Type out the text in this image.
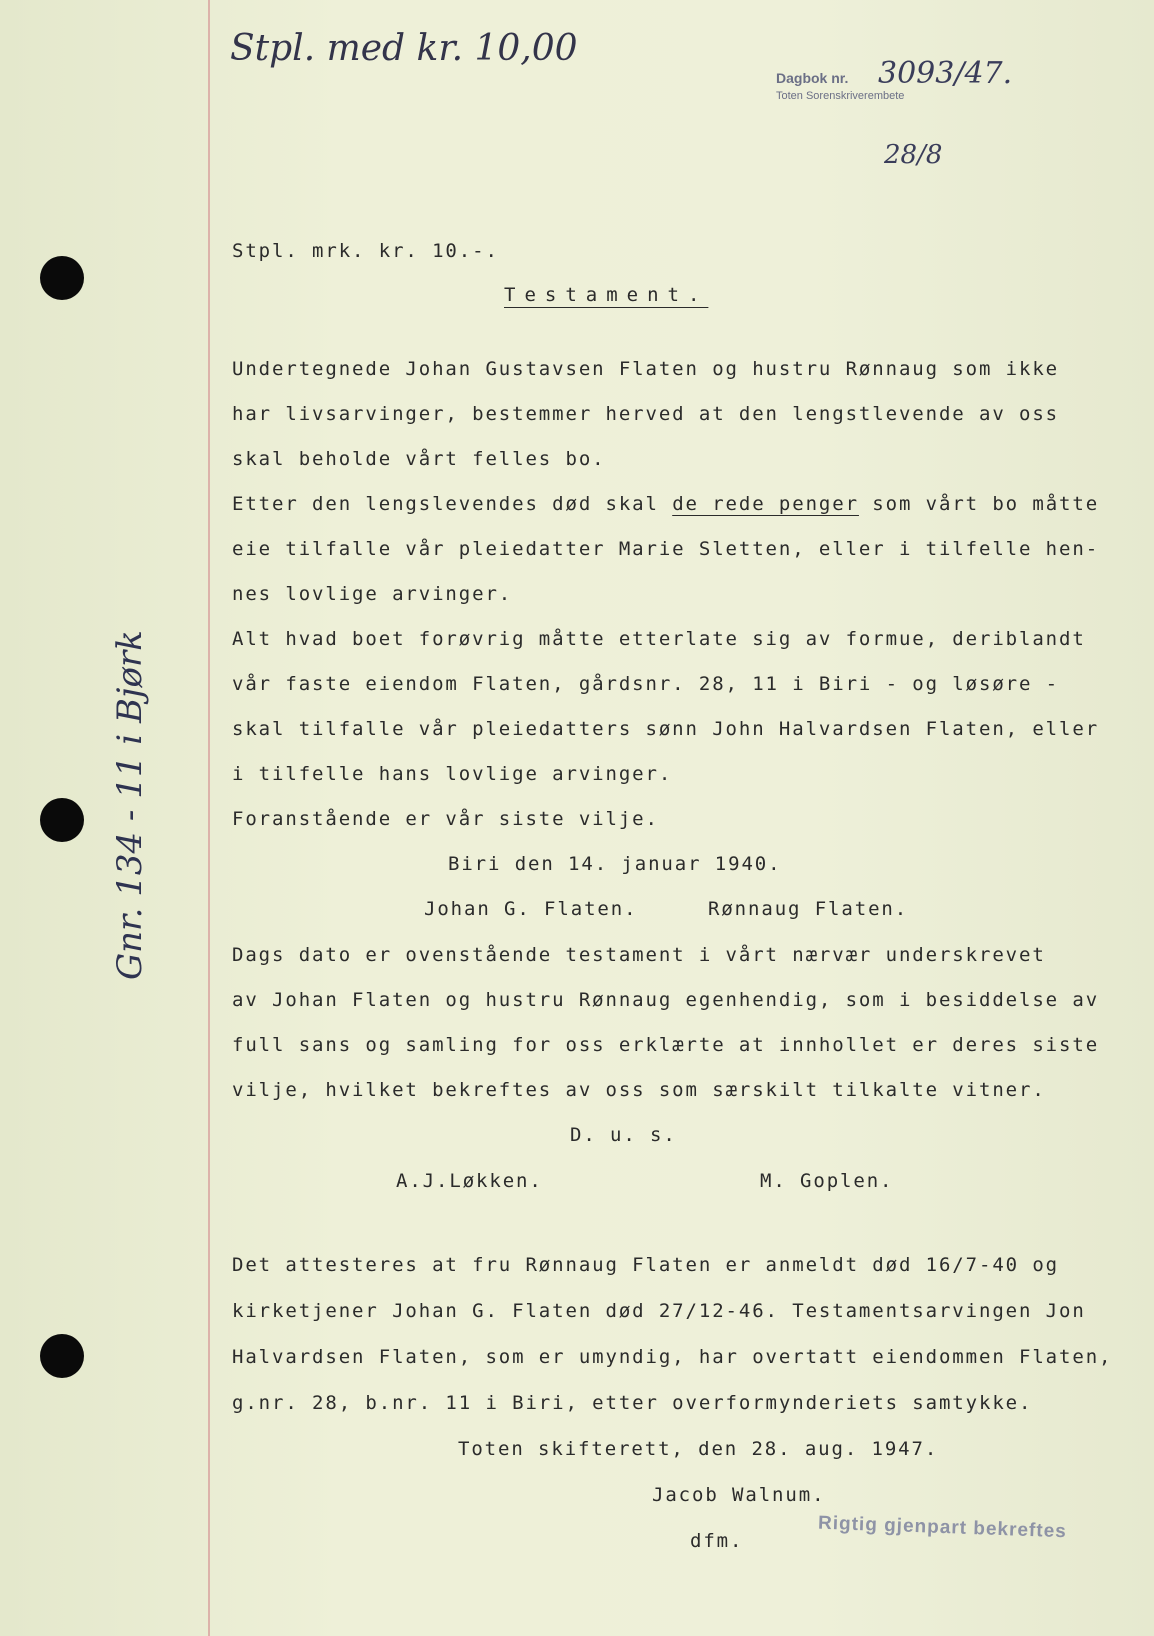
Stpl. med kr. 10,00
Dagbok nr.
Toten Sorenskriverembete
3093/47.
28/8
Gnr. 134 - 11 i Bjørk
Stpl. mrk. kr. 10.-.
Testament.
Undertegnede Johan Gustavsen Flaten og hustru Rønnaug som ikke
har livsarvinger, bestemmer herved at den lengstlevende av oss
skal beholde vårt felles bo.
Etter den lengslevendes død skal de rede penger som vårt bo måtte
eie tilfalle vår pleiedatter Marie Sletten, eller i tilfelle hen-
nes lovlige arvinger.
Alt hvad boet forøvrig måtte etterlate sig av formue, deriblandt
vår faste eiendom Flaten, gårdsnr. 28, 11 i Biri - og løsøre -
skal tilfalle vår pleiedatters sønn John Halvardsen Flaten, eller
i tilfelle hans lovlige arvinger.
Foranstående er vår siste vilje.
Biri den 14. januar 1940.
Johan G. Flaten.	Rønnaug Flaten.
Dags dato er ovenstående testament i vårt nærvær underskrevet
av Johan Flaten og hustru Rønnaug egenhendig, som i besiddelse av
full sans og samling for oss erklærte at innhollet er deres siste
vilje, hvilket bekreftes av oss som særskilt tilkalte vitner.
D. u. s.
A.J.Løkken.	M. Goplen.
Det attesteres at fru Rønnaug Flaten er anmeldt død 16/7-40 og
kirketjener Johan G. Flaten død 27/12-46. Testamentsarvingen Jon
Halvardsen Flaten, som er umyndig, har overtatt eiendommen Flaten,
g.nr. 28, b.nr. 11 i Biri, etter overformynderiets samtykke.
Toten skifterett, den 28. aug. 1947.
Jacob Walnum.
dfm.	Rigtig gjenpart bekreftes
